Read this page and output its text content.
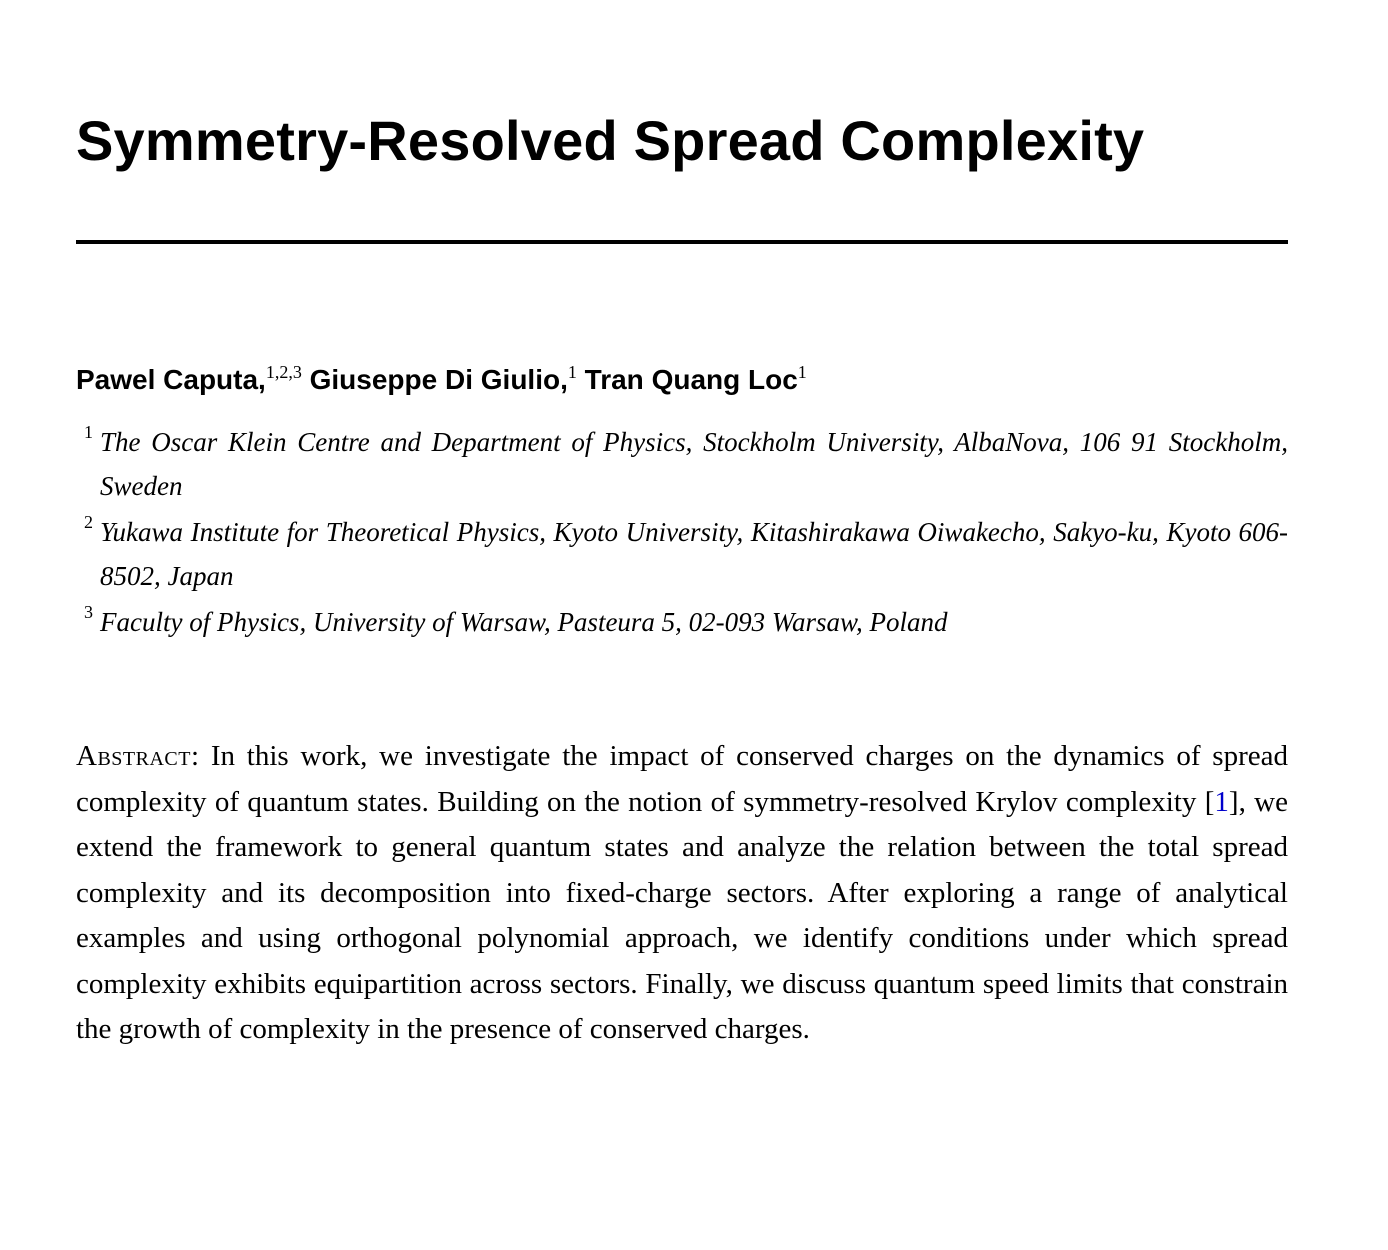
Symmetry-Resolved Spread Complexity
Pawel Caputa,$^{1,2,3}$ Giuseppe Di Giulio,$^1$ Tran Quang Loc$^1$
1 The Oscar Klein Centre and Department of Physics, Stockholm University, AlbaNova, 106 91 Stockholm, Sweden
2 Yukawa Institute for Theoretical Physics, Kyoto University, Kitashirakawa Oiwakecho, Sakyo-ku, Kyoto 606-8502, Japan
3 Faculty of Physics, University of Warsaw, Pasteura 5, 02-093 Warsaw, Poland
Abstract: In this work, we investigate the impact of conserved charges on the dynamics of spread complexity of quantum states. Building on the notion of symmetry-resolved Krylov complexity [1], we extend the framework to general quantum states and analyze the relation between the total spread complexity and its decomposition into fixed-charge sectors. After exploring a range of analytical examples and using orthogonal polynomial approach, we identify conditions under which spread complexity exhibits equipartition across sectors. Finally, we discuss quantum speed limits that constrain the growth of complexity in the presence of conserved charges.
